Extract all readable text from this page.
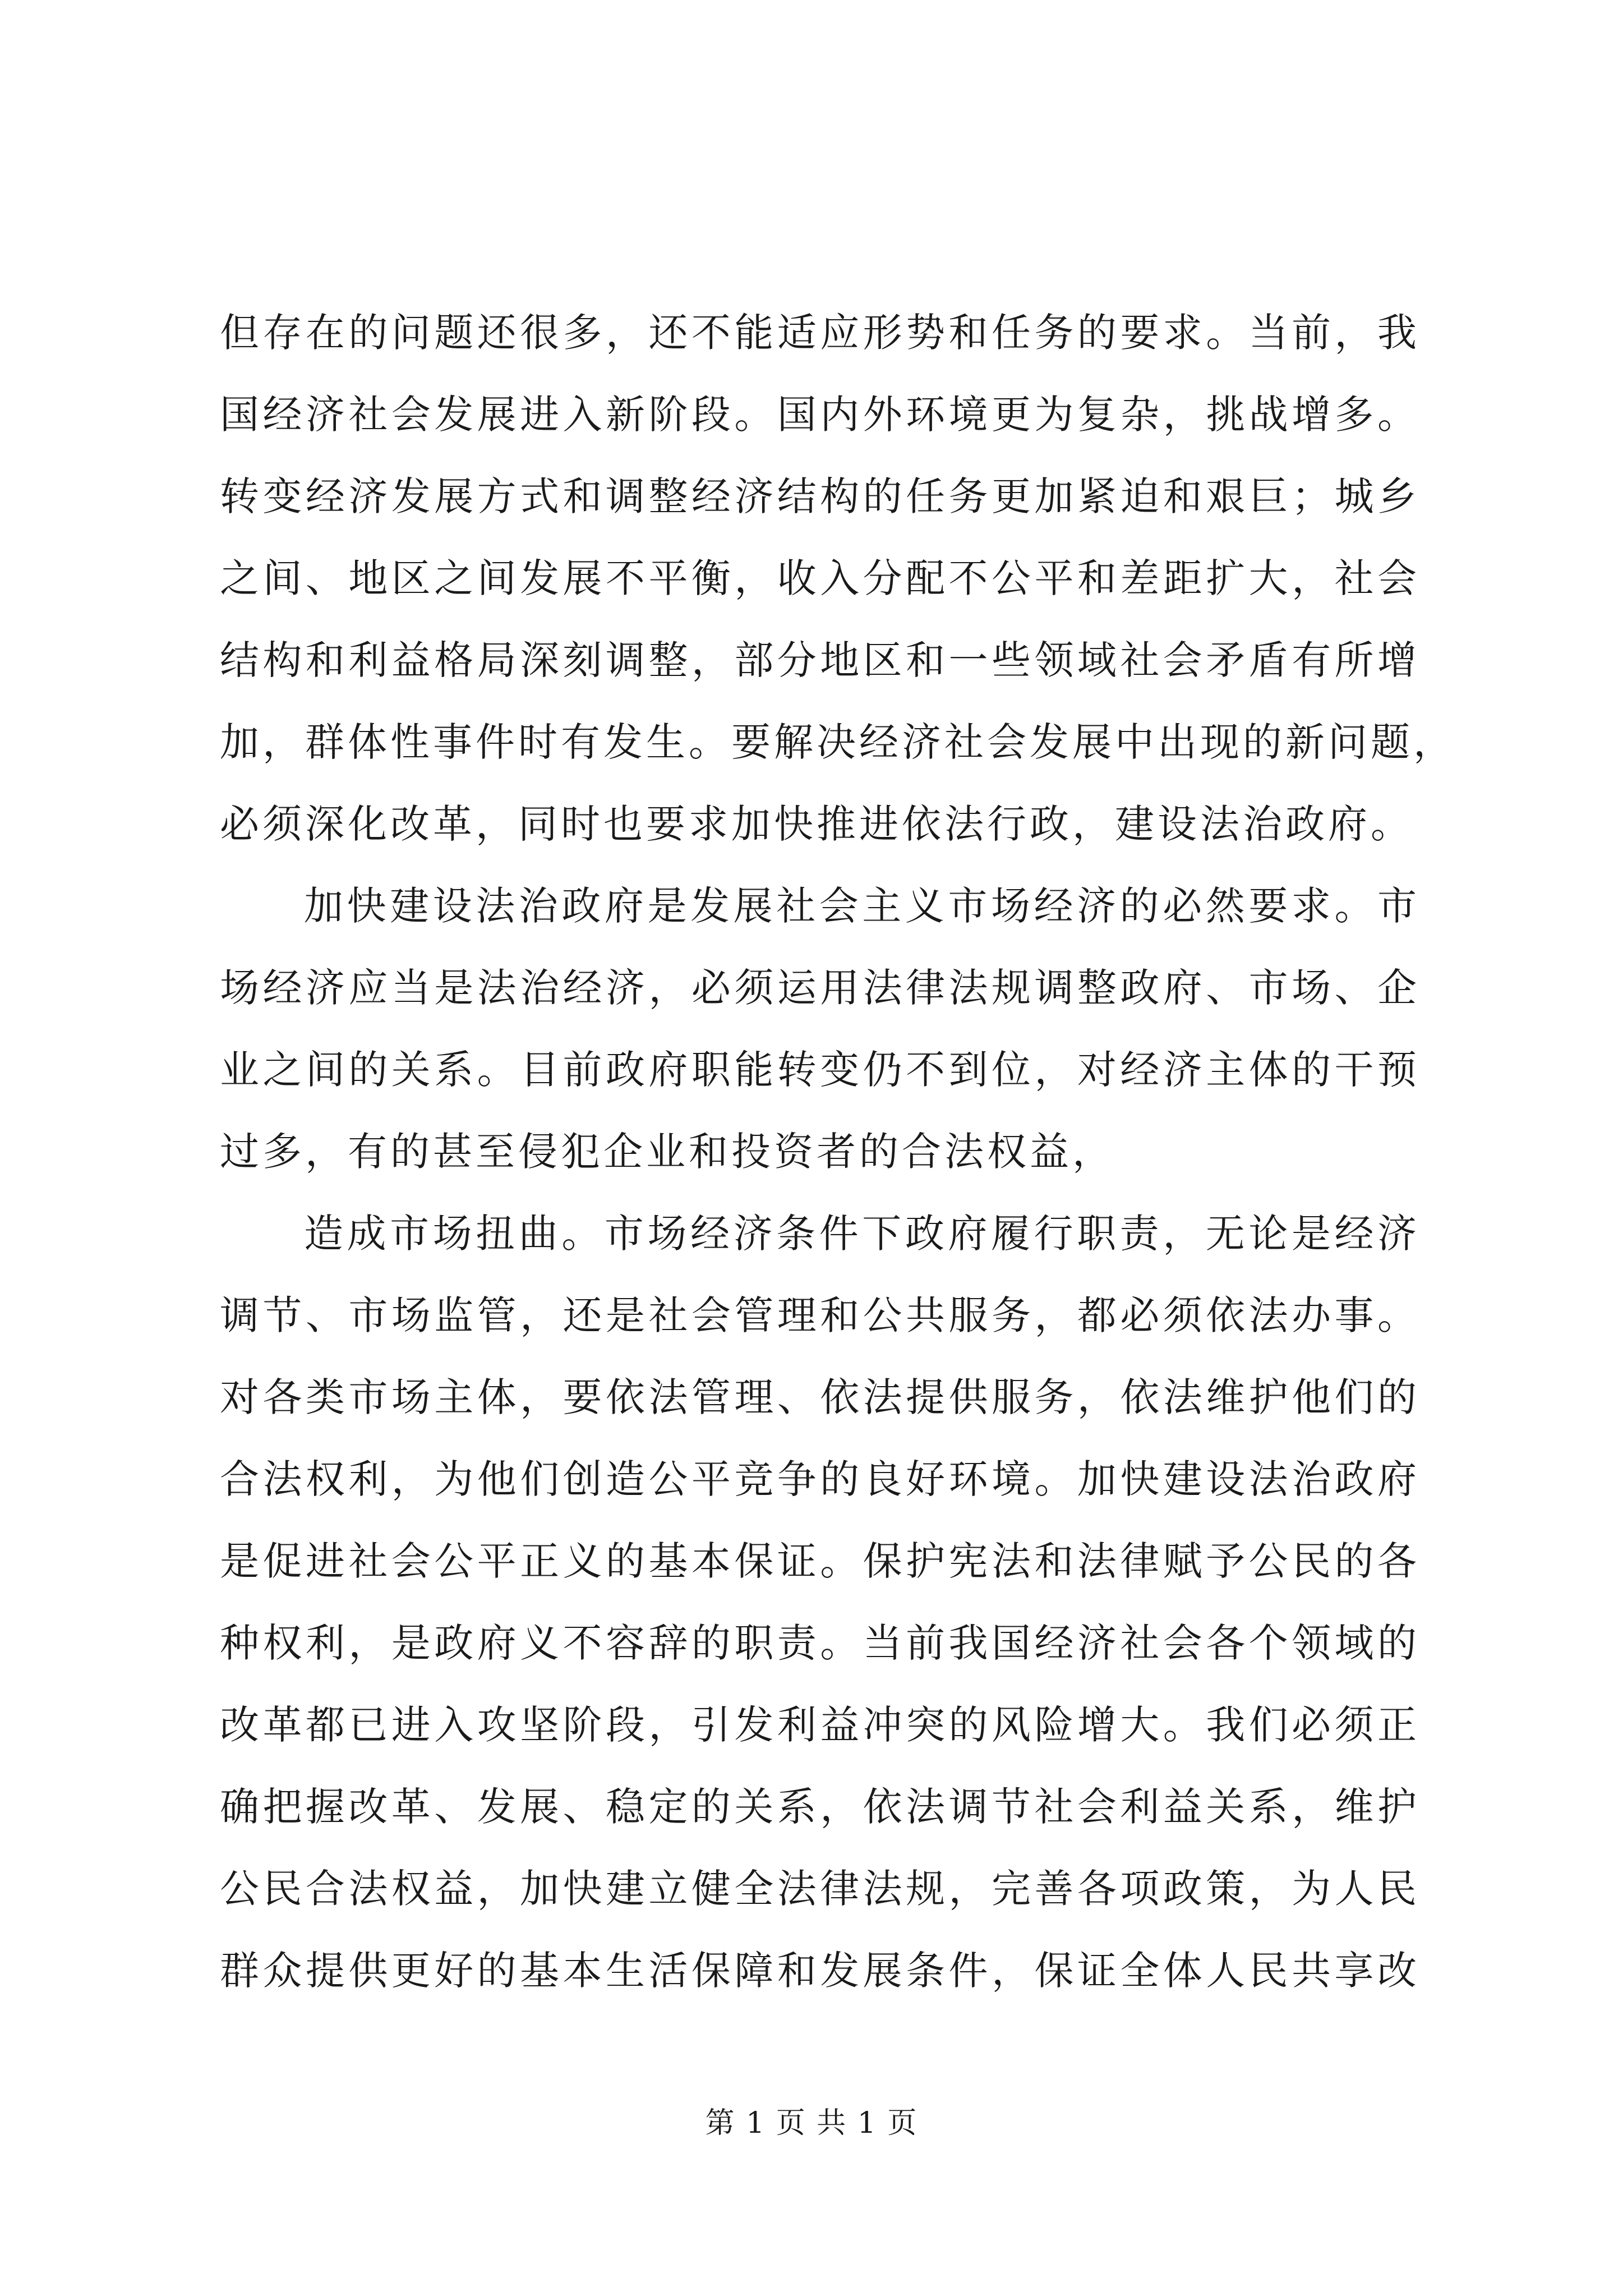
但存在的问题还很多，还不能适应形势和任务的要求。当前，我
国经济社会发展进入新阶段。国内外环境更为复杂，挑战增多。
转变经济发展方式和调整经济结构的任务更加紧迫和艰巨；城乡
之间、地区之间发展不平衡，收入分配不公平和差距扩大，社会
结构和利益格局深刻调整，部分地区和一些领域社会矛盾有所增
加，群体性事件时有发生。要解决经济社会发展中出现的新问题，
必须深化改革，同时也要求加快推进依法行政，建设法治政府。
加快建设法治政府是发展社会主义市场经济的必然要求。市
场经济应当是法治经济，必须运用法律法规调整政府、市场、企
业之间的关系。目前政府职能转变仍不到位，对经济主体的干预
过多，有的甚至侵犯企业和投资者的合法权益，
造成市场扭曲。市场经济条件下政府履行职责，无论是经济
调节、市场监管，还是社会管理和公共服务，都必须依法办事。
对各类市场主体，要依法管理、依法提供服务，依法维护他们的
合法权利，为他们创造公平竞争的良好环境。加快建设法治政府
是促进社会公平正义的基本保证。保护宪法和法律赋予公民的各
种权利，是政府义不容辞的职责。当前我国经济社会各个领域的
改革都已进入攻坚阶段，引发利益冲突的风险增大。我们必须正
确把握改革、发展、稳定的关系，依法调节社会利益关系，维护
公民合法权益，加快建立健全法律法规，完善各项政策，为人民
群众提供更好的基本生活保障和发展条件，保证全体人民共享改
第 1 页 共 1 页
